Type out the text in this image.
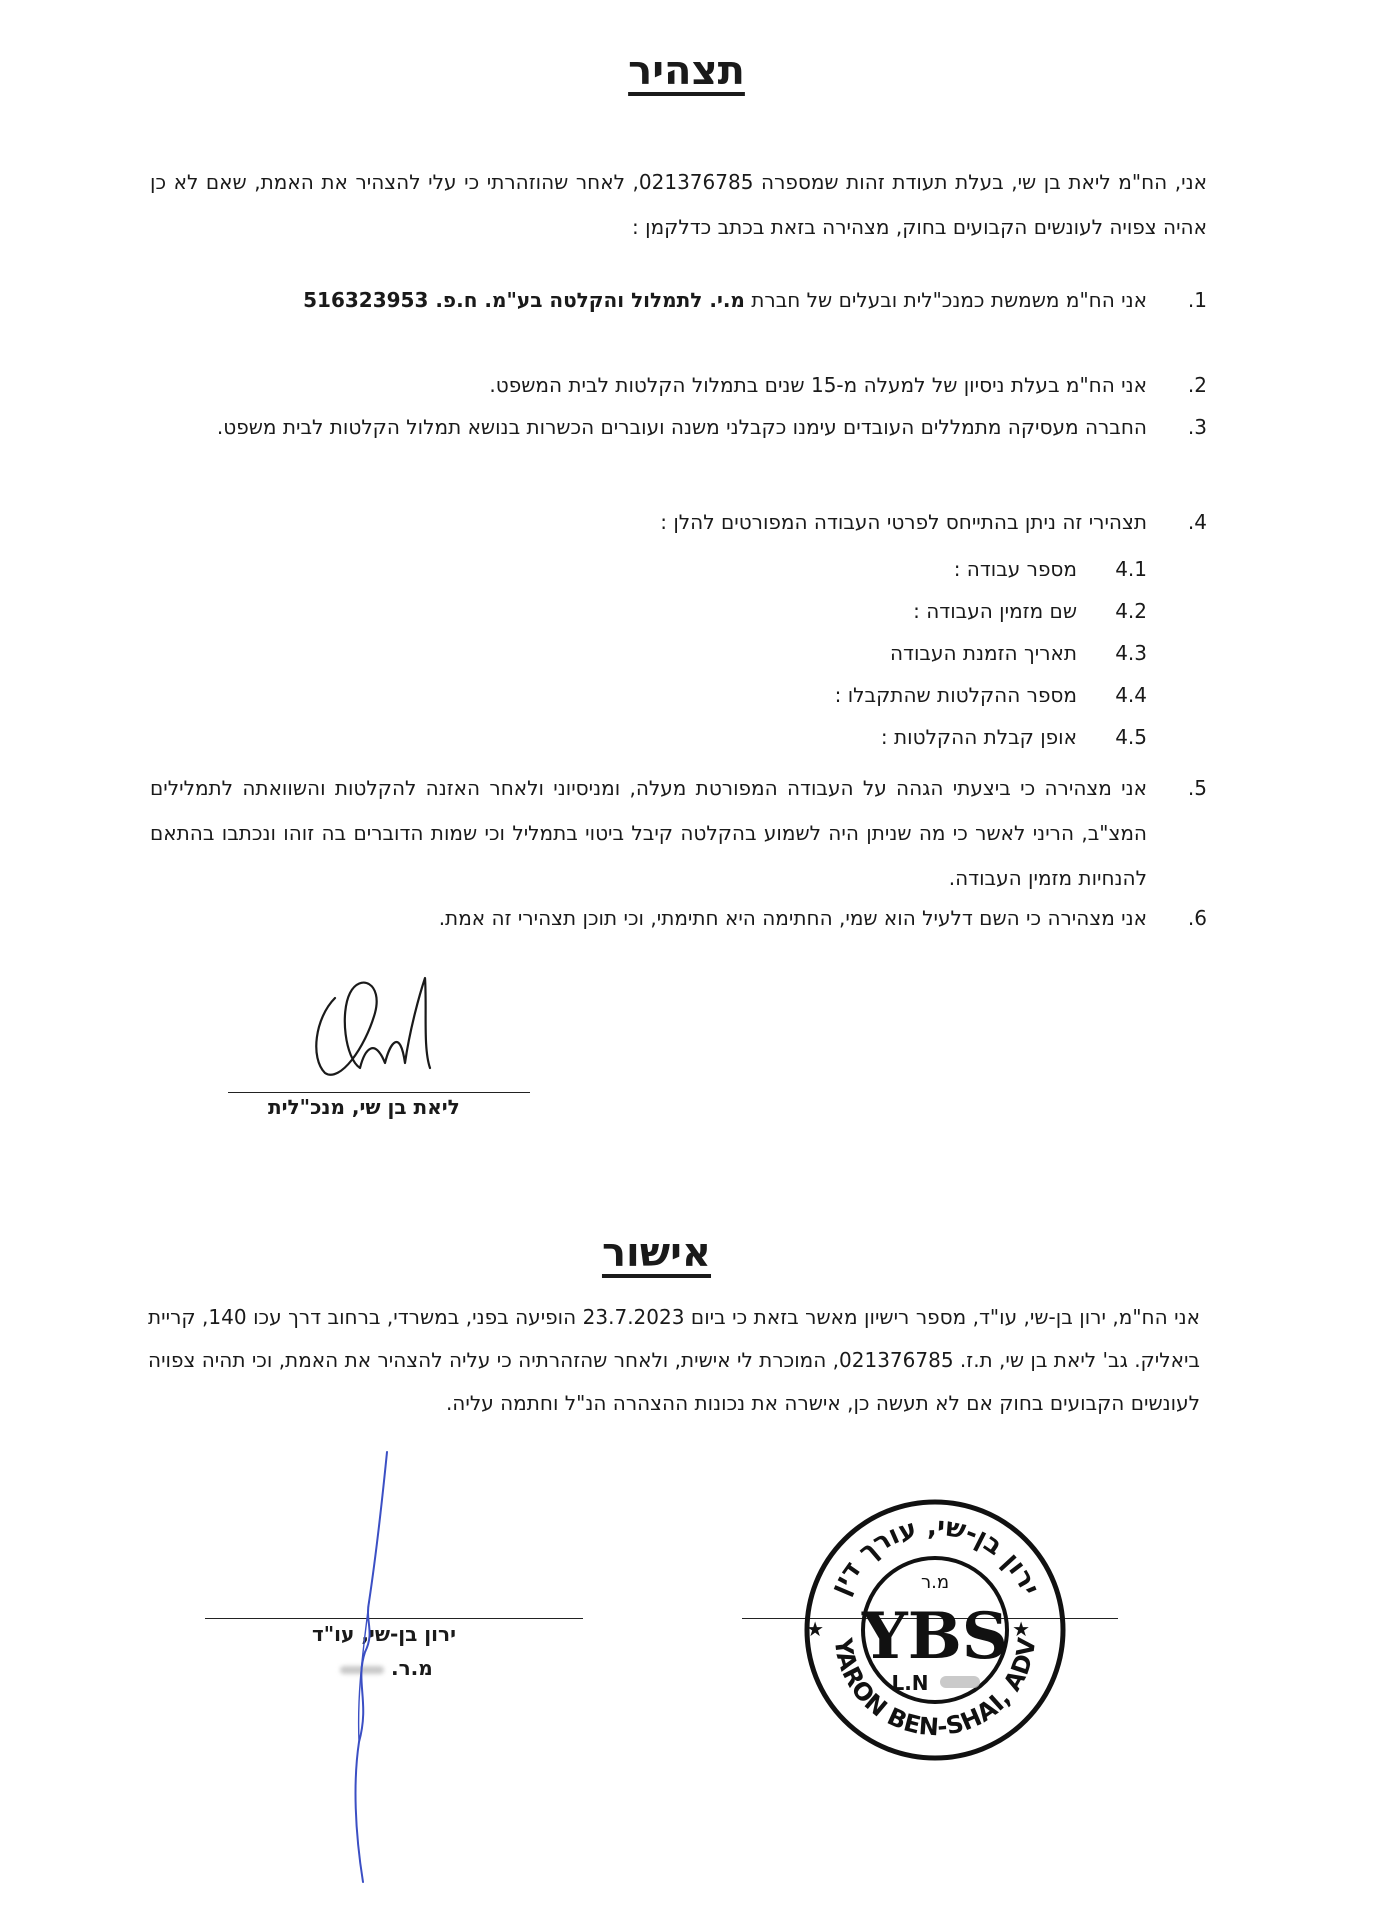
תצהיר
אני, הח"מ ליאת בן שי, בעלת תעודת זהות שמספרה 021376785, לאחר שהוזהרתי כי עלי להצהיר את האמת, שאם לא כן אהיה צפויה לעונשים הקבועים בחוק, מצהירה בזאת בכתב כדלקמן :
1.
אני הח"מ משמשת כמנכ"לית ובעלים של חברת מ.י. לתמלול והקלטה בע"מ. ח.פ. 516323953
2.
אני הח"מ בעלת ניסיון של למעלה מ-15 שנים בתמלול הקלטות לבית המשפט.
3.
החברה מעסיקה מתמללים העובדים עימנו כקבלני משנה ועוברים הכשרות בנושא תמלול הקלטות לבית משפט.
4.
תצהירי זה ניתן בהתייחס לפרטי העבודה המפורטים להלן :
4.1
מספר עבודה :
4.2
שם מזמין העבודה :
4.3
תאריך הזמנת העבודה
4.4
מספר ההקלטות שהתקבלו :
4.5
אופן קבלת ההקלטות :
5.
אני מצהירה כי ביצעתי הגהה על העבודה המפורטת מעלה, ומניסיוני ולאחר האזנה להקלטות והשוואתה לתמלילים המצ"ב, הריני לאשר כי מה שניתן היה לשמוע בהקלטה קיבל ביטוי בתמליל וכי שמות הדוברים בה זוהו ונכתבו בהתאם להנחיות מזמין העבודה.
6.
אני מצהירה כי השם דלעיל הוא שמי, החתימה היא חתימתי, וכי תוכן תצהירי זה אמת.
ליאת בן שי, מנכ"לית
אישור
אני הח"מ, ירון בן-שי, עו"ד, מספר רישיון מאשר בזאת כי ביום 23.7.2023 הופיעה בפני, במשרדי, ברחוב דרך עכו 140, קריית ביאליק. גב' ליאת בן שי, ת.ז. 021376785, המוכרת לי אישית, ולאחר שהזהרתיה כי עליה להצהיר את האמת, וכי תהיה צפויה לעונשים הקבועים בחוק אם לא תעשה כן, אישרה את נכונות ההצהרה הנ"ל וחתמה עליה.
ירון בן-שי, עו"ד
מ.ר.
ירון בן-שי, עורך דין
YARON BEN-SHAI, ADV
★	★
YBS
מ.ר
L.N
